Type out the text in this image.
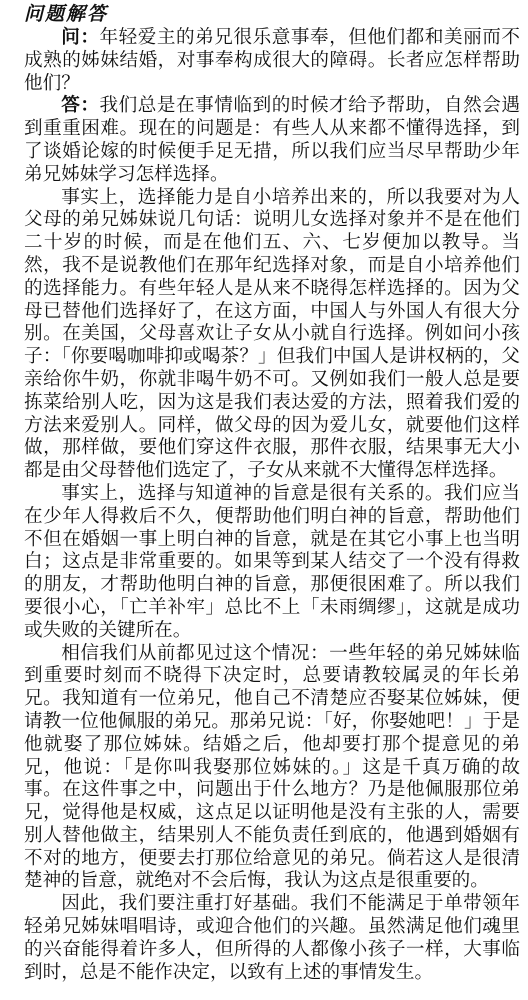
问题解答

问：年轻爱主的弟兄很乐意事奉，但他们都和美丽而不成熟的姊妹结婚，对事奉构成很大的障碍。长者应怎样帮助他们？

答：我们总是在事情临到的时候才给予帮助，自然会遇到重重困难。现在的问题是：有些人从来都不懂得选择，到了谈婚论嫁的时候便手足无措，所以我们应当尽早帮助少年弟兄姊妹学习怎样选择。

事实上，选择能力是自小培养出来的，所以我要对为人父母的弟兄姊妹说几句话：说明儿女选择对象并不是在他们二十岁的时候，而是在他们五、六、七岁便加以教导。当然，我不是说教他们在那年纪选择对象，而是自小培养他们的选择能力。有些年轻人是从来不晓得怎样选择的。因为父母已替他们选择好了，在这方面，中国人与外国人有很大分别。在美国，父母喜欢让子女从小就自行选择。例如问小孩子：「你要喝咖啡抑或喝茶？」但我们中国人是讲权柄的，父亲给你牛奶，你就非喝牛奶不可。又例如我们一般人总是要拣菜给别人吃，因为这是我们表达爱的方法，照着我们爱的方法来爱别人。同样，做父母的因为爱儿女，就要他们这样做，那样做，要他们穿这件衣服，那件衣服，结果事无大小都是由父母替他们选定了，子女从来就不大懂得怎样选择。

事实上，选择与知道神的旨意是很有关系的。我们应当在少年人得救后不久，便帮助他们明白神的旨意，帮助他们不但在婚姻一事上明白神的旨意，就是在其它小事上也当明白；这点是非常重要的。如果等到某人结交了一个没有得救的朋友，才帮助他明白神的旨意，那便很困难了。所以我们要很小心，「亡羊补牢」总比不上「未雨绸缪」，这就是成功或失败的关键所在。

相信我们从前都见过这个情况：一些年轻的弟兄姊妹临到重要时刻而不晓得下决定时，总要请教较属灵的年长弟兄。我知道有一位弟兄，他自己不清楚应否娶某位姊妹，便请教一位他佩服的弟兄。那弟兄说：「好，你娶她吧！」于是他就娶了那位姊妹。结婚之后，他却要打那个提意见的弟兄，他说：「是你叫我娶那位姊妹的。」这是千真万确的故事。在这件事之中，问题出于什么地方？乃是他佩服那位弟兄，觉得他是权威，这点足以证明他是没有主张的人，需要别人替他做主，结果别人不能负责任到底的，他遇到婚姻有不对的地方，便要去打那位给意见的弟兄。倘若这人是很清楚神的旨意，就绝对不会后悔，我认为这点是很重要的。

因此，我们要注重打好基础。我们不能满足于单带领年轻弟兄姊妹唱唱诗，或迎合他们的兴趣。虽然满足他们魂里的兴奋能得着许多人，但所得的人都像小孩子一样，大事临到时，总是不能作决定，以致有上述的事情发生。
